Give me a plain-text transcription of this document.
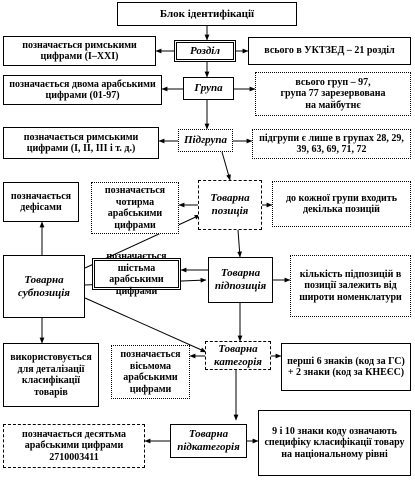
Блок ідентифікації
позначається римськими цифрами (I–XXI)	Розділ	всього в УКТЗЕД – 21 розділ
позначається двома арабськими цифрами (01-97)
Група	всього груп – 97,
група 77 зарезервована
на майбутнє
позначається римськими цифрами (I, II, III і т. д.)
Підгрупа	підгрупи є лише в групах 28, 29, 39, 63, 69, 71, 72
позначається дефісами
позначається чотирма арабськими цифрами
Товарна позиція
до кожної групи входить декілька позицій
Товарна субпозиція
використовується для деталізації класифікації товарів
позначається шістьма арабськими цифрами
Товарна підпозиція
кількість підпозицій в позиції залежить від широти номенклатури
позначається вісьмома арабськими цифрами
Товарна категорія	перші 6 знаків (код за ГС) + 2 знаки (код за КНЕЄС)
позначається десятьма арабськими цифрами 2710003411
Товарна підкатегорія
9 і 10 знаки коду означають специфіку класифікації товару на національному рівні
